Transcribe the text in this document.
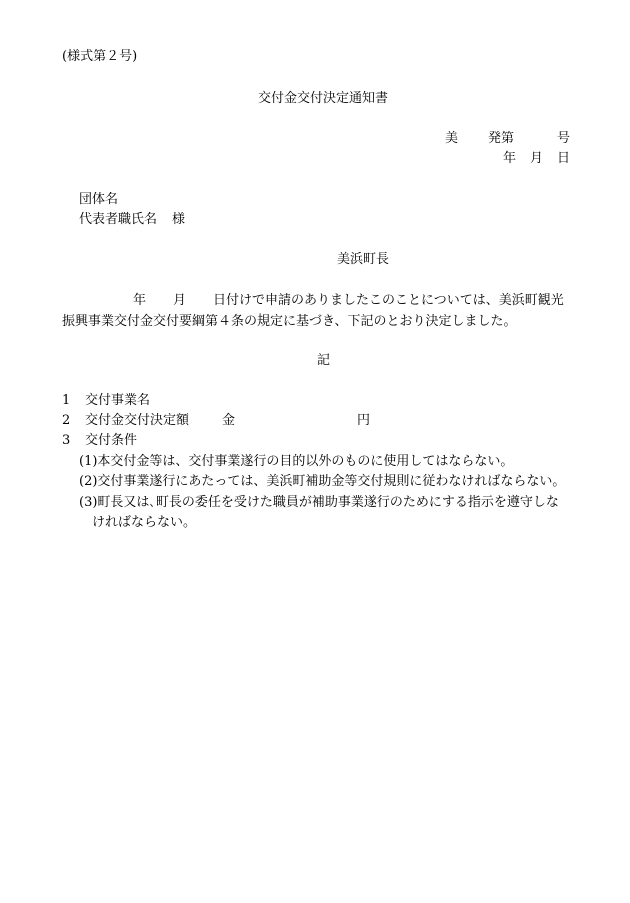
(様式第２号)
交付金交付決定通知書
美 発第	号
年 月 日
団体名
代表者職氏名 様
美浜町長
年 月 日付けで申請のありましたこのことについては、美浜町観光
振興事業交付金交付要綱第４条の規定に基づき、下記のとおり決定しました。
記
1 交付事業名
2 交付金交付決定額	金	円
3 交付条件
(1)本交付金等は、交付事業遂行の目的以外のものに使用してはならない。
(2)交付事業遂行にあたっては、美浜町補助金等交付規則に従わなければならない。
(3)町長又は､町長の委任を受けた職員が補助事業遂行のためにする指示を遵守しな
ければならない。
